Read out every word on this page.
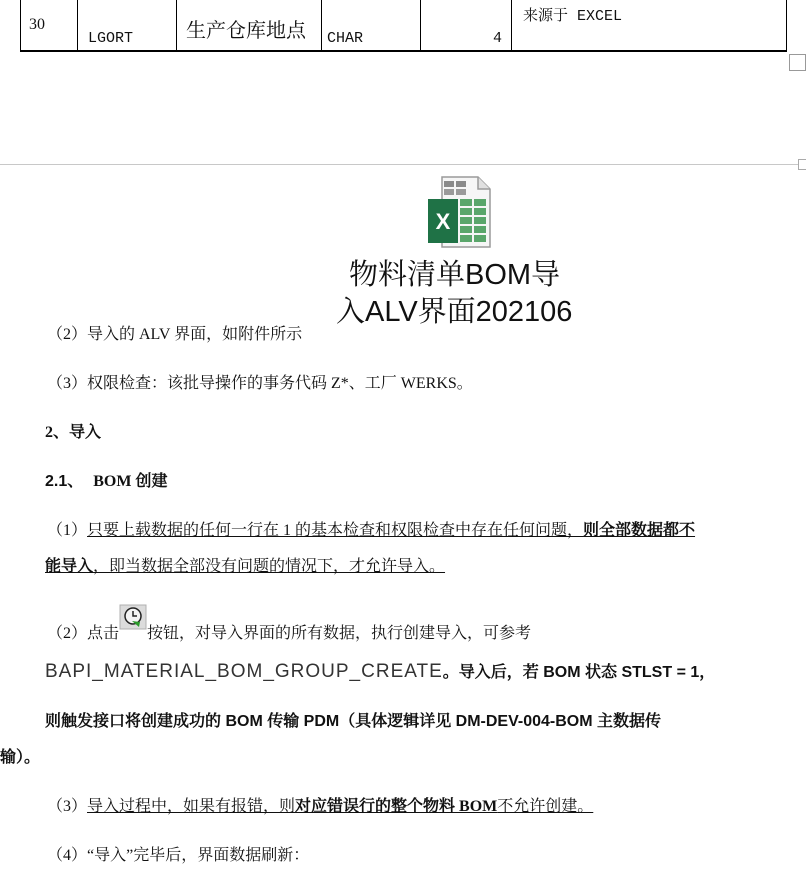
30
LGORT	生产仓库地点 CHAR	4
来源于 EXCEL
X
物料清单BOM导
入ALV界面202106
（2）导入的 ALV 界面，如附件所示
（3）权限检查：该批导操作的事务代码 Z*、工厂 WERKS。
2、导入
2.1、 BOM 创建
（1）只要上载数据的任何一行在 1 的基本检查和权限检查中存在任何问题，则全部数据都不
能导入，即当数据全部没有问题的情况下，才允许导入。
（2）点击 按钮，对导入界面的所有数据，执行创建导入，可参考
BAPI_MATERIAL_BOM_GROUP_CREATE。导入后，若 BOM 状态 STLST = 1，
则触发接口将创建成功的 BOM 传输 PDM（具体逻辑详见 DM-DEV-004-BOM 主数据传
输）。
（3）导入过程中，如果有报错，则对应错误行的整个物料 BOM不允许创建。
（4）“导入”完毕后，界面数据刷新：
